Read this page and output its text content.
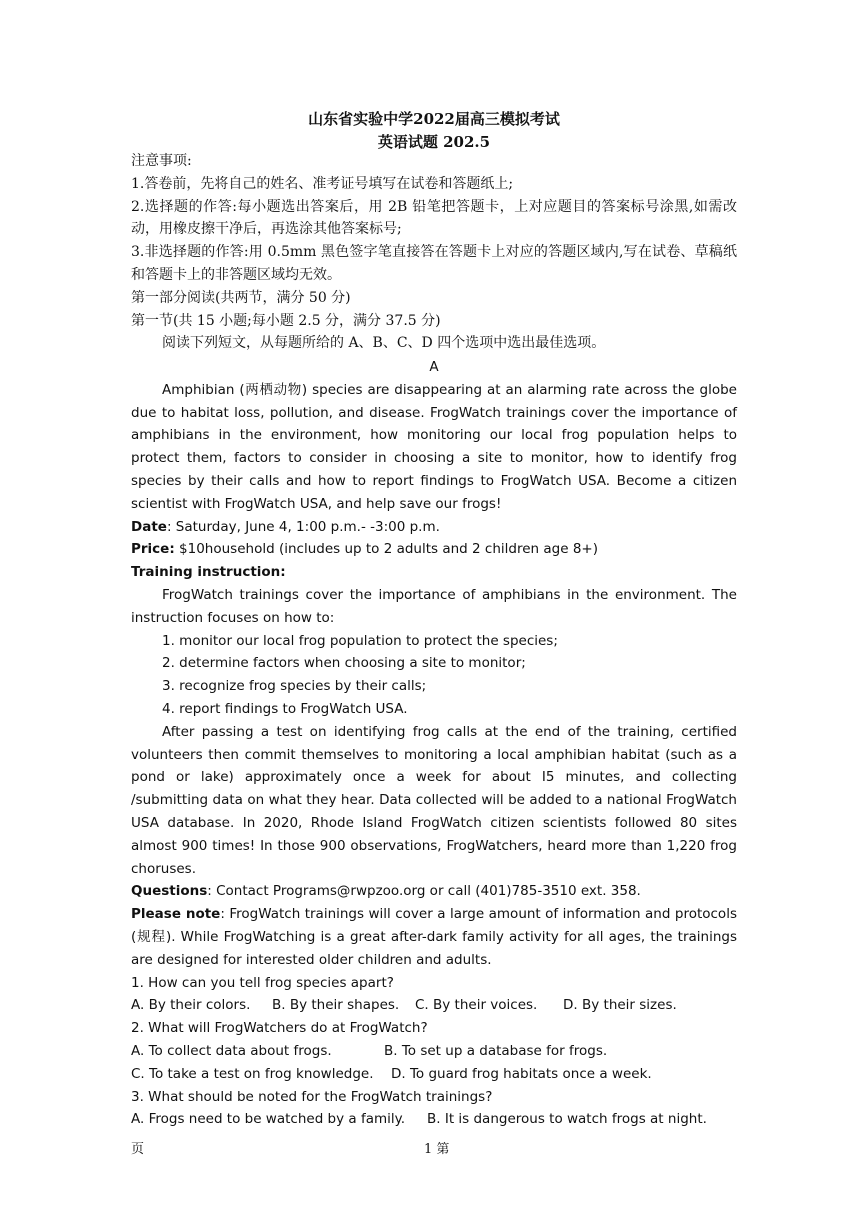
山东省实验中学2022届高三模拟考试
英语试题 202.5
注意事项:
1.答卷前，先将自己的姓名、准考证号填写在试卷和答题纸上;
2.选择题的作答:每小题选出答案后，用 2B 铅笔把答题卡，上对应题目的答案标号涂黑,如需改动，用橡皮擦干净后，再选涂其他答案标号;
3.非选择题的作答:用 0.5mm 黑色签字笔直接答在答题卡上对应的答题区域内,写在试卷、草稿纸和答题卡上的非答题区域均无效。
第一部分阅读(共两节，满分 50 分)
第一节(共 15 小题;每小题 2.5 分，满分 37.5 分)
阅读下列短文，从每题所给的 A、B、C、D 四个选项中选出最佳选项。
A
Amphibian (两栖动物) species are disappearing at an alarming rate across the globe due to habitat loss, pollution, and disease. FrogWatch trainings cover the importance of amphibians in the environment, how monitoring our local frog population helps to protect them, factors to consider in choosing a site to monitor, how to identify frog species by their calls and how to report findings to FrogWatch USA. Become a citizen scientist with FrogWatch USA, and help save our frogs!
Date: Saturday, June 4, 1:00 p.m.- -3:00 p.m.
Price: $10household (includes up to 2 adults and 2 children age 8+)
Training instruction:
FrogWatch trainings cover the importance of amphibians in the environment. The instruction focuses on how to:
1. monitor our local frog population to protect the species;
2. determine factors when choosing a site to monitor;
3. recognize frog species by their calls;
4. report findings to FrogWatch USA.
After passing a test on identifying frog calls at the end of the training, certified volunteers then commit themselves to monitoring a local amphibian habitat (such as a pond or lake) approximately once a week for about I5 minutes, and collecting /submitting data on what they hear. Data collected will be added to a national FrogWatch USA database. In 2020, Rhode Island FrogWatch citizen scientists followed 80 sites almost 900 times! In those 900 observations, FrogWatchers, heard more than 1,220 frog choruses.
Questions: Contact Programs@rwpzoo.org or call (401)785-3510 ext. 358.
Please note: FrogWatch trainings will cover a large amount of information and protocols (规程). While FrogWatching is a great after-dark family activity for all ages, the trainings are designed for interested older children and adults.
1. How can you tell frog species apart?
A. By their colors.	B. By their shapes.	C. By their voices.	D. By their sizes.
2. What will FrogWatchers do at FrogWatch?
A. To collect data about frogs.	B. To set up a database for frogs.
C. To take a test on frog knowledge.	D. To guard frog habitats once a week.
3. What should be noted for the FrogWatch trainings?
A. Frogs need to be watched by a family.	B. It is dangerous to watch frogs at night.
页	1 第
